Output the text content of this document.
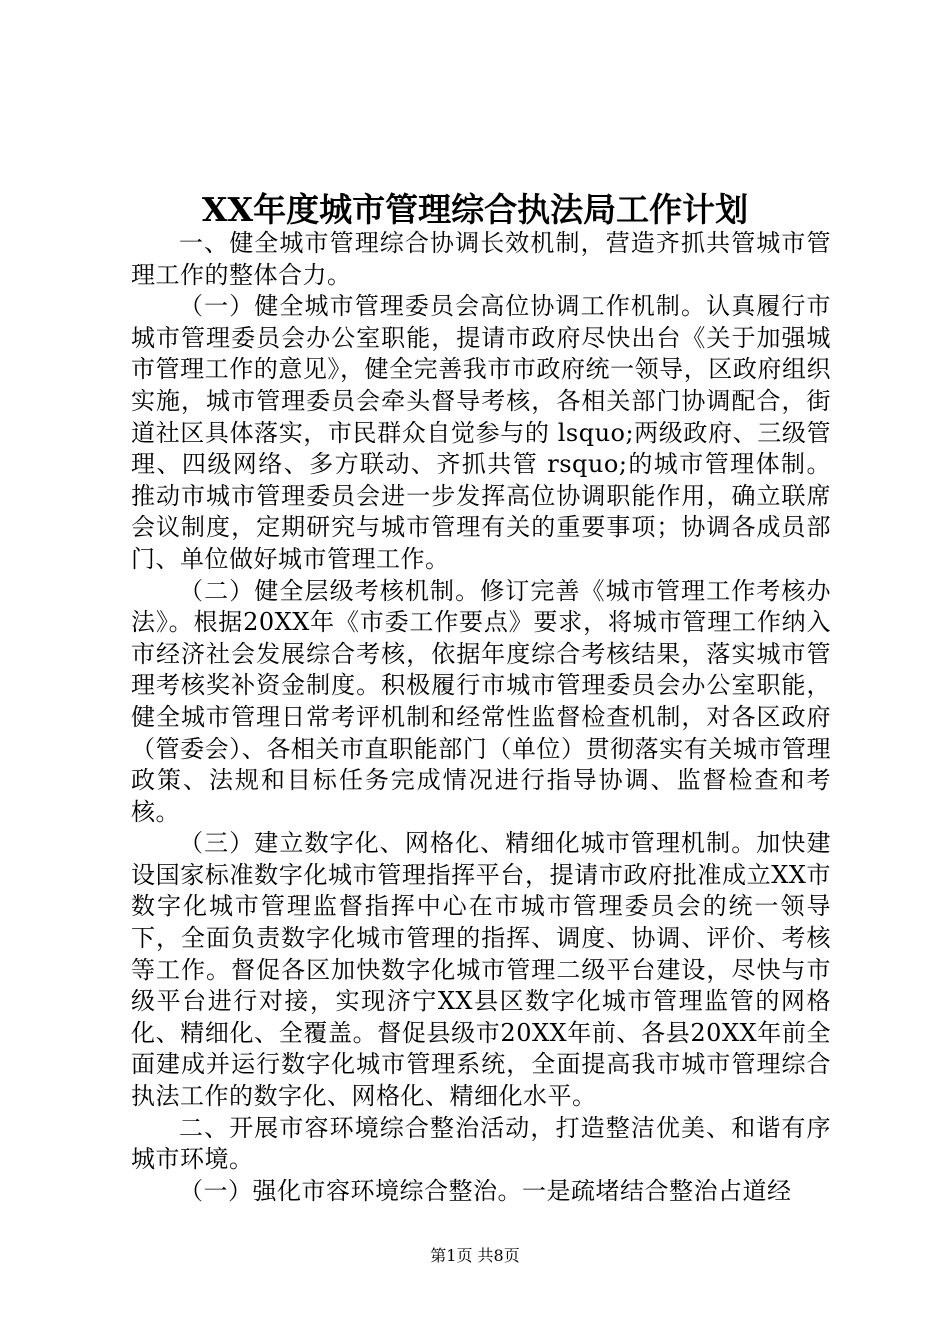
一、健全城市管理综合协调长效机制，营造齐抓共管城市管理工作的整体合力。

（一）健全城市管理委员会高位协调工作机制。认真履行市城市管理委员会办公室职能，提请市政府尽快出台《关于加强城市管理工作的意见》，健全完善我市市政府统一领导，区政府组织实施，城市管理委员会牵头督导考核，各相关部门协调配合，街道社区具体落实，市民群众自觉参与的 lsquo;两级政府、三级管理、四级网络、多方联动、齐抓共管 rsquo;的城市管理体制。推动市城市管理委员会进一步发挥高位协调职能作用，确立联席会议制度，定期研究与城市管理有关的重要事项；协调各成员部门、单位做好城市管理工作。

（二）健全层级考核机制。修订完善《城市管理工作考核办法》。根据20XX年《市委工作要点》要求，将城市管理工作纳入市经济社会发展综合考核，依据年度综合考核结果，落实城市管理考核奖补资金制度。积极履行市城市管理委员会办公室职能，健全城市管理日常考评机制和经常性监督检查机制，对各区政府（管委会）、各相关市直职能部门（单位）贯彻落实有关城市管理政策、法规和目标任务完成情况进行指导协调、监督检查和考核。

（三）建立数字化、网格化、精细化城市管理机制。加快建设国家标准数字化城市管理指挥平台，提请市政府批准成立XX市数字化城市管理监督指挥中心在市城市管理委员会的统一领导下，全面负责数字化城市管理的指挥、调度、协调、评价、考核等工作。督促各区加快数字化城市管理二级平台建设，尽快与市级平台进行对接，实现济宁XX县区数字化城市管理监管的网格化、精细化、全覆盖。督促县级市20XX年前、各县20XX年前全面建成并运行数字化城市管理系统，全面提高我市城市管理综合执法工作的数字化、网格化、精细化水平。

二、开展市容环境综合整治活动，打造整洁优美、和谐有序城市环境。

（一）强化市容环境综合整治。一是疏堵结合整治占道经

XX年度城市管理综合执法局工作计划
第1页 共8页
